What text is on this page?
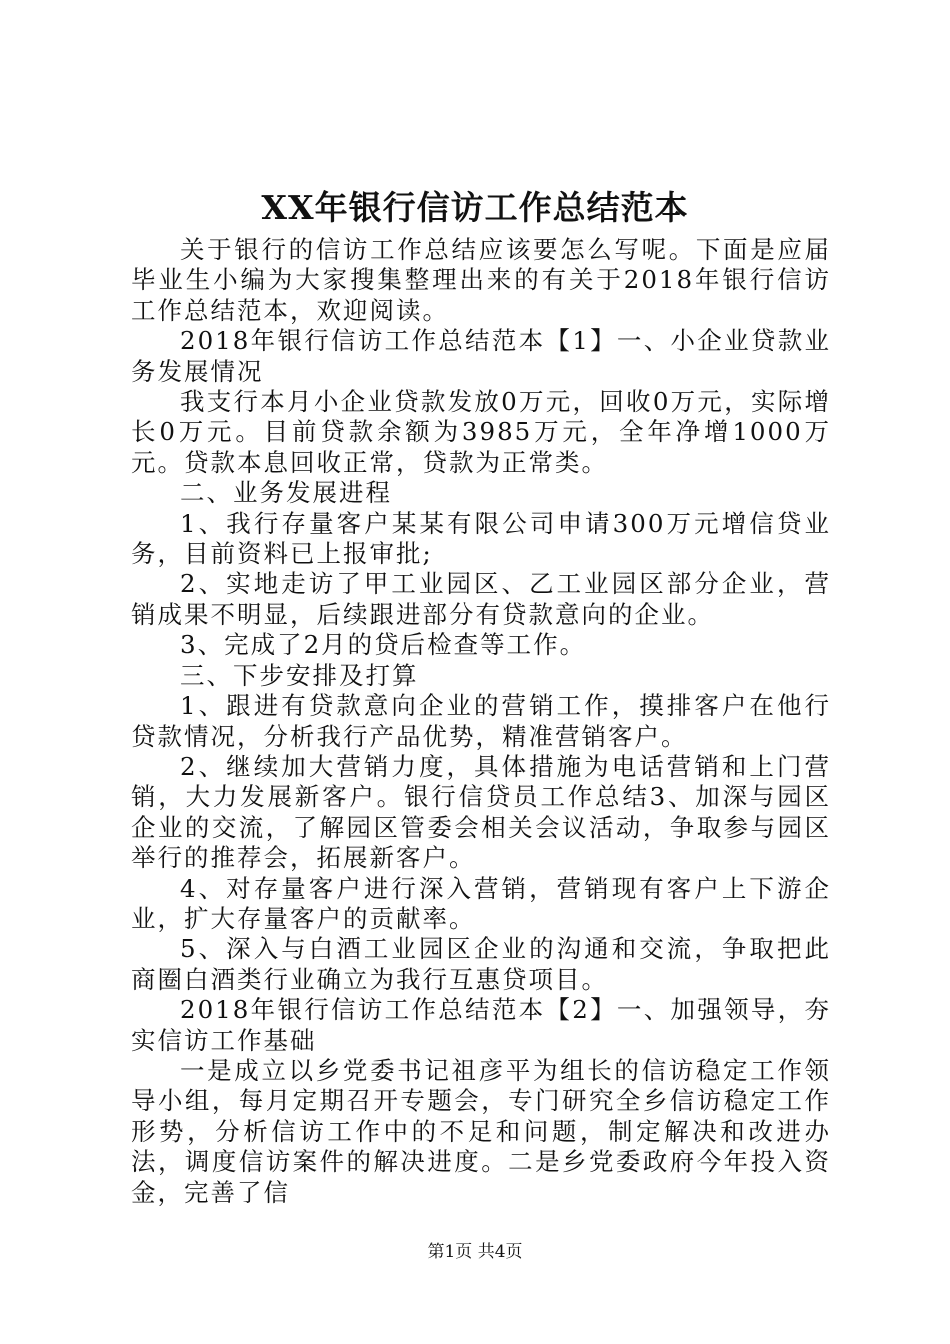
XX年银行信访工作总结范本

关于银行的信访工作总结应该要怎么写呢。下面是应届毕业生小编为大家搜集整理出来的有关于2018年银行信访工作总结范本，欢迎阅读。

2018年银行信访工作总结范本【1】一、小企业贷款业务发展情况

我支行本月小企业贷款发放0万元，回收0万元，实际增长0万元。目前贷款余额为3985万元，全年净增1000万元。贷款本息回收正常，贷款为正常类。

二、业务发展进程

1、我行存量客户某某有限公司申请300万元增信贷业务，目前资料已上报审批;

2、实地走访了甲工业园区、乙工业园区部分企业，营销成果不明显，后续跟进部分有贷款意向的企业。

3、完成了2月的贷后检查等工作。

三、下步安排及打算

1、跟进有贷款意向企业的营销工作，摸排客户在他行贷款情况，分析我行产品优势，精准营销客户。

2、继续加大营销力度，具体措施为电话营销和上门营销，大力发展新客户。银行信贷员工作总结3、加深与园区企业的交流，了解园区管委会相关会议活动，争取参与园区举行的推荐会，拓展新客户。

4、对存量客户进行深入营销，营销现有客户上下游企业，扩大存量客户的贡献率。

5、深入与白酒工业园区企业的沟通和交流，争取把此商圈白酒类行业确立为我行互惠贷项目。

2018年银行信访工作总结范本【2】一、加强领导，夯实信访工作基础

一是成立以乡党委书记祖彦平为组长的信访稳定工作领导小组，每月定期召开专题会，专门研究全乡信访稳定工作形势，分析信访工作中的不足和问题，制定解决和改进办法，调度信访案件的解决进度。二是乡党委政府今年投入资金，完善了信

第1页 共4页
